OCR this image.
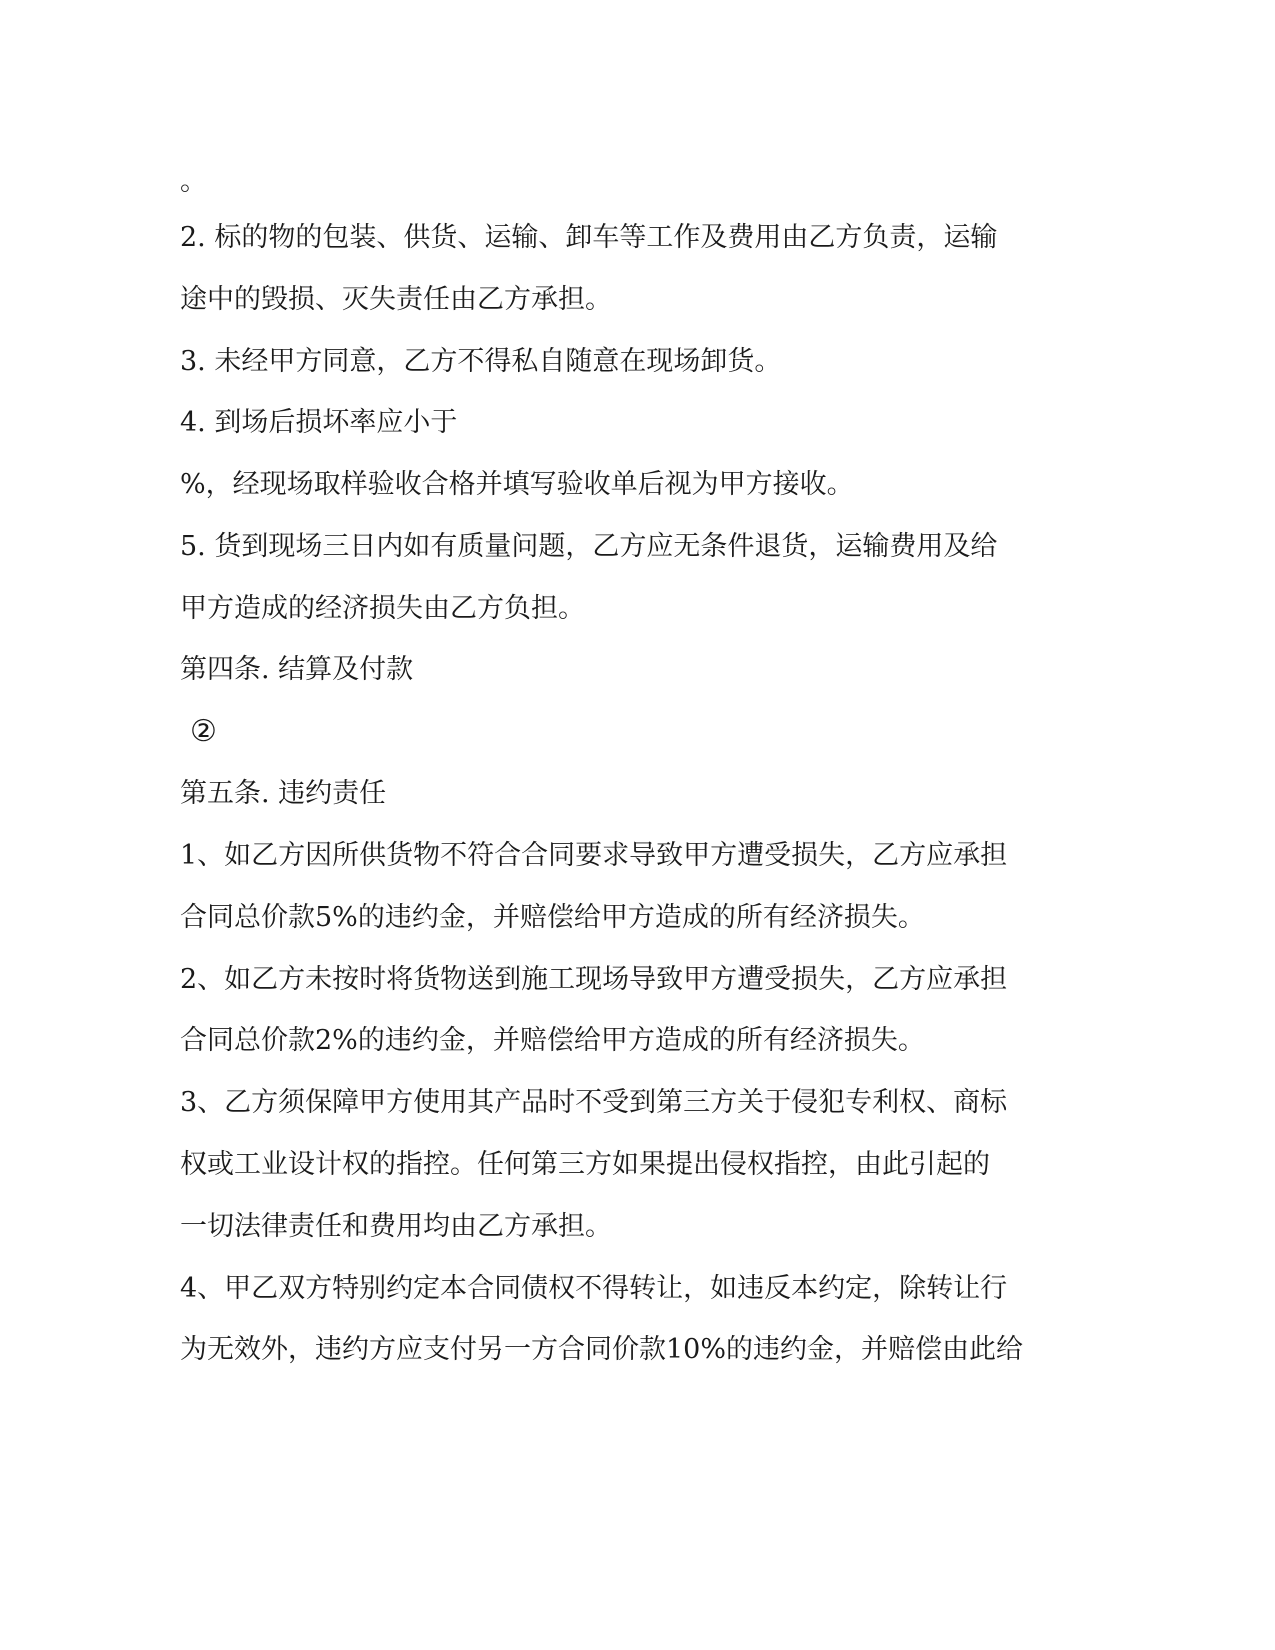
。
2. 标的物的包装、供货、运输、卸车等工作及费用由乙方负责，运输
途中的毁损、灭失责任由乙方承担。
3. 未经甲方同意，乙方不得私自随意在现场卸货。
4. 到场后损坏率应小于
%，经现场取样验收合格并填写验收单后视为甲方接收。
5. 货到现场三日内如有质量问题，乙方应无条件退货，运输费用及给
甲方造成的经济损失由乙方负担。
第四条. 结算及付款
②
第五条. 违约责任
1、如乙方因所供货物不符合合同要求导致甲方遭受损失，乙方应承担
合同总价款5%的违约金，并赔偿给甲方造成的所有经济损失。
2、如乙方未按时将货物送到施工现场导致甲方遭受损失，乙方应承担
合同总价款2%的违约金，并赔偿给甲方造成的所有经济损失。
3、乙方须保障甲方使用其产品时不受到第三方关于侵犯专利权、商标
权或工业设计权的指控。任何第三方如果提出侵权指控，由此引起的
一切法律责任和费用均由乙方承担。
4、甲乙双方特别约定本合同债权不得转让，如违反本约定，除转让行
为无效外，违约方应支付另一方合同价款10%的违约金，并赔偿由此给
